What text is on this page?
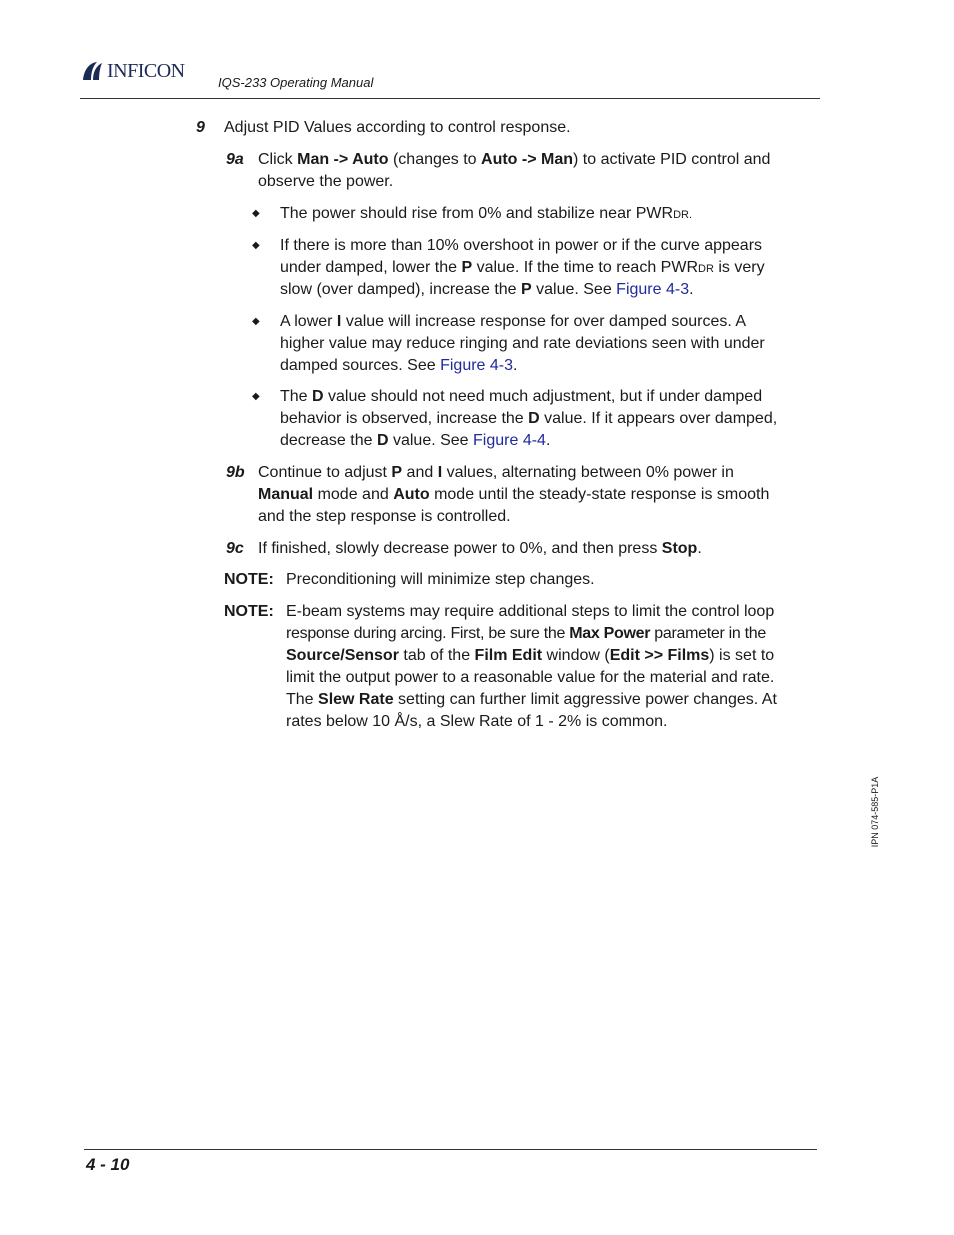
INFICON
IQS-233 Operating Manual
9 Adjust PID Values according to control response.
9a Click Man -> Auto (changes to Auto -> Man) to activate PID control and
observe the power.
◆ The power should rise from 0% and stabilize near PWRDR.
◆ If there is more than 10% overshoot in power or if the curve appears
under damped, lower the P value. If the time to reach PWRDR is very
slow (over damped), increase the P value. See Figure 4-3.
◆ A lower I value will increase response for over damped sources. A
higher value may reduce ringing and rate deviations seen with under
damped sources. See Figure 4-3.
◆ The D value should not need much adjustment, but if under damped
behavior is observed, increase the D value. If it appears over damped,
decrease the D value. See Figure 4-4.
9b Continue to adjust P and I values, alternating between 0% power in
Manual mode and Auto mode until the steady-state response is smooth
and the step response is controlled.
9c If finished, slowly decrease power to 0%, and then press Stop.
NOTE: Preconditioning will minimize step changes.
NOTE: E-beam systems may require additional steps to limit the control loop
response during arcing. First, be sure the Max Power parameter in the
Source/Sensor tab of the Film Edit window (Edit >> Films) is set to
limit the output power to a reasonable value for the material and rate.
The Slew Rate setting can further limit aggressive power changes. At
rates below 10 Å/s, a Slew Rate of 1 - 2% is common.
IPN 074-585-P1A
4 - 10
